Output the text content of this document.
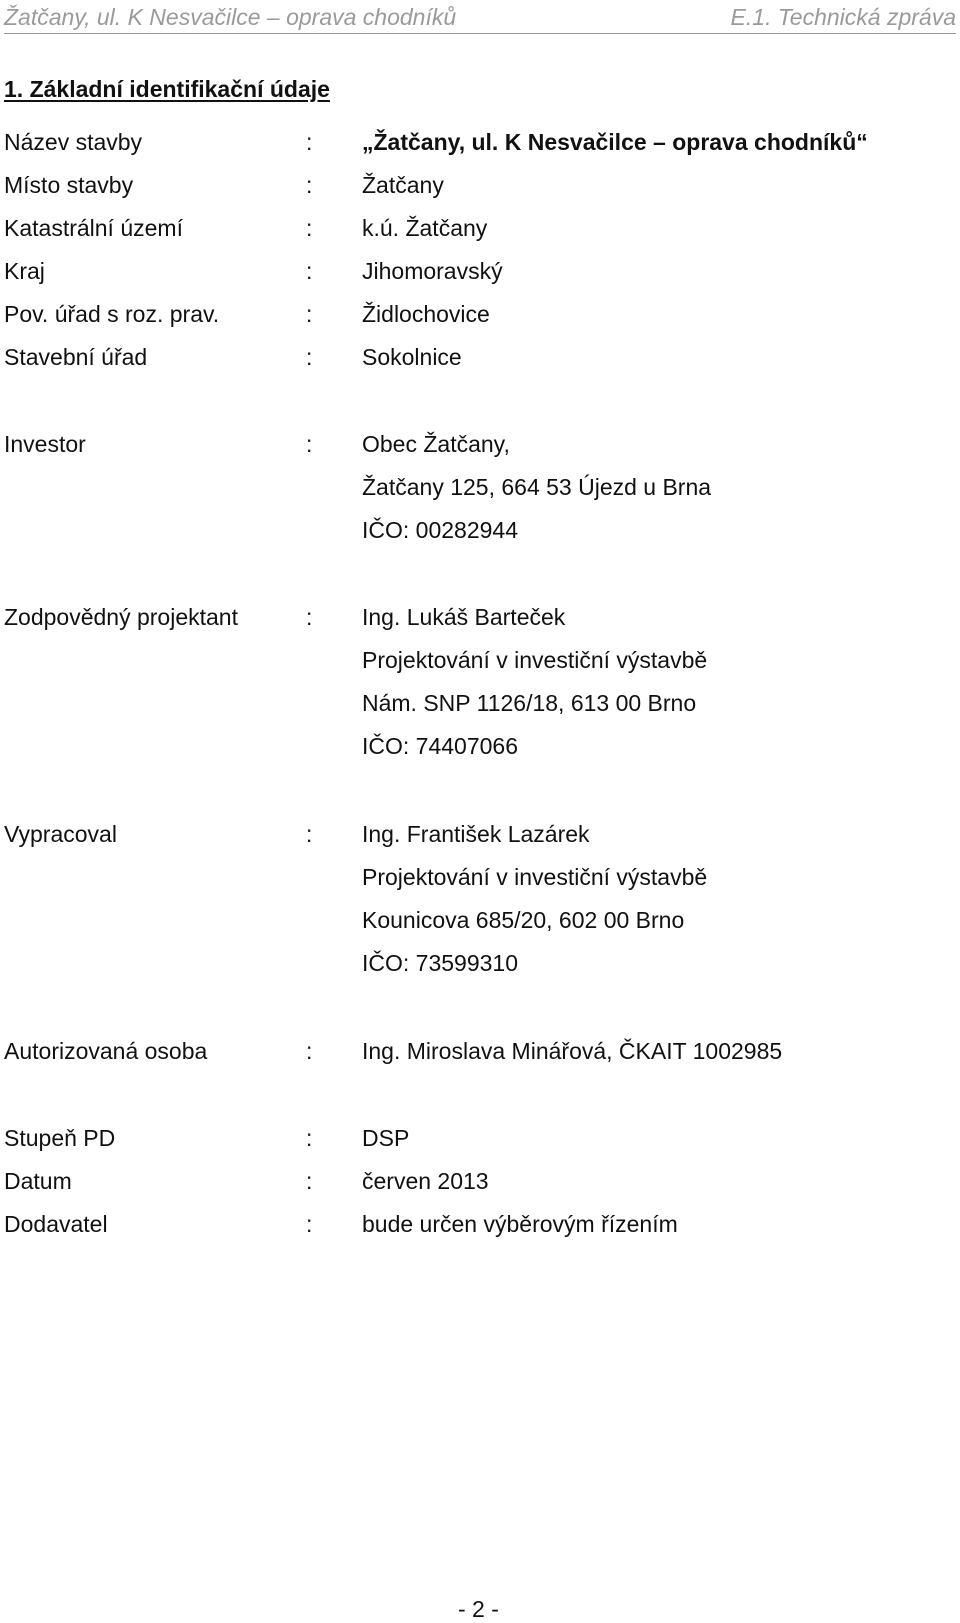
Žatčany, ul. K Nesvačilce – oprava chodníků	E.1. Technická zpráva
1. Základní identifikační údaje
Název stavby	: „Žatčany, ul. K Nesvačilce – oprava chodníků“
Místo stavby	: Žatčany
Katastrální území	: k.ú. Žatčany
Kraj	: Jihomoravský
Pov. úřad s roz. prav.	: Židlochovice
Stavební úřad	: Sokolnice
Investor	: Obec Žatčany,
Žatčany 125, 664 53 Újezd u Brna
IČO: 00282944
Zodpovědný projektant	: Ing. Lukáš Barteček
Projektování v investiční výstavbě
Nám. SNP 1126/18, 613 00 Brno
IČO: 74407066
Vypracoval	: Ing. František Lazárek
Projektování v investiční výstavbě
Kounicova 685/20, 602 00 Brno
IČO: 73599310
Autorizovaná osoba	: Ing. Miroslava Minářová, ČKAIT 1002985
Stupeň PD	: DSP
Datum	: červen 2013
Dodavatel	: bude určen výběrovým řízením
- 2 -
